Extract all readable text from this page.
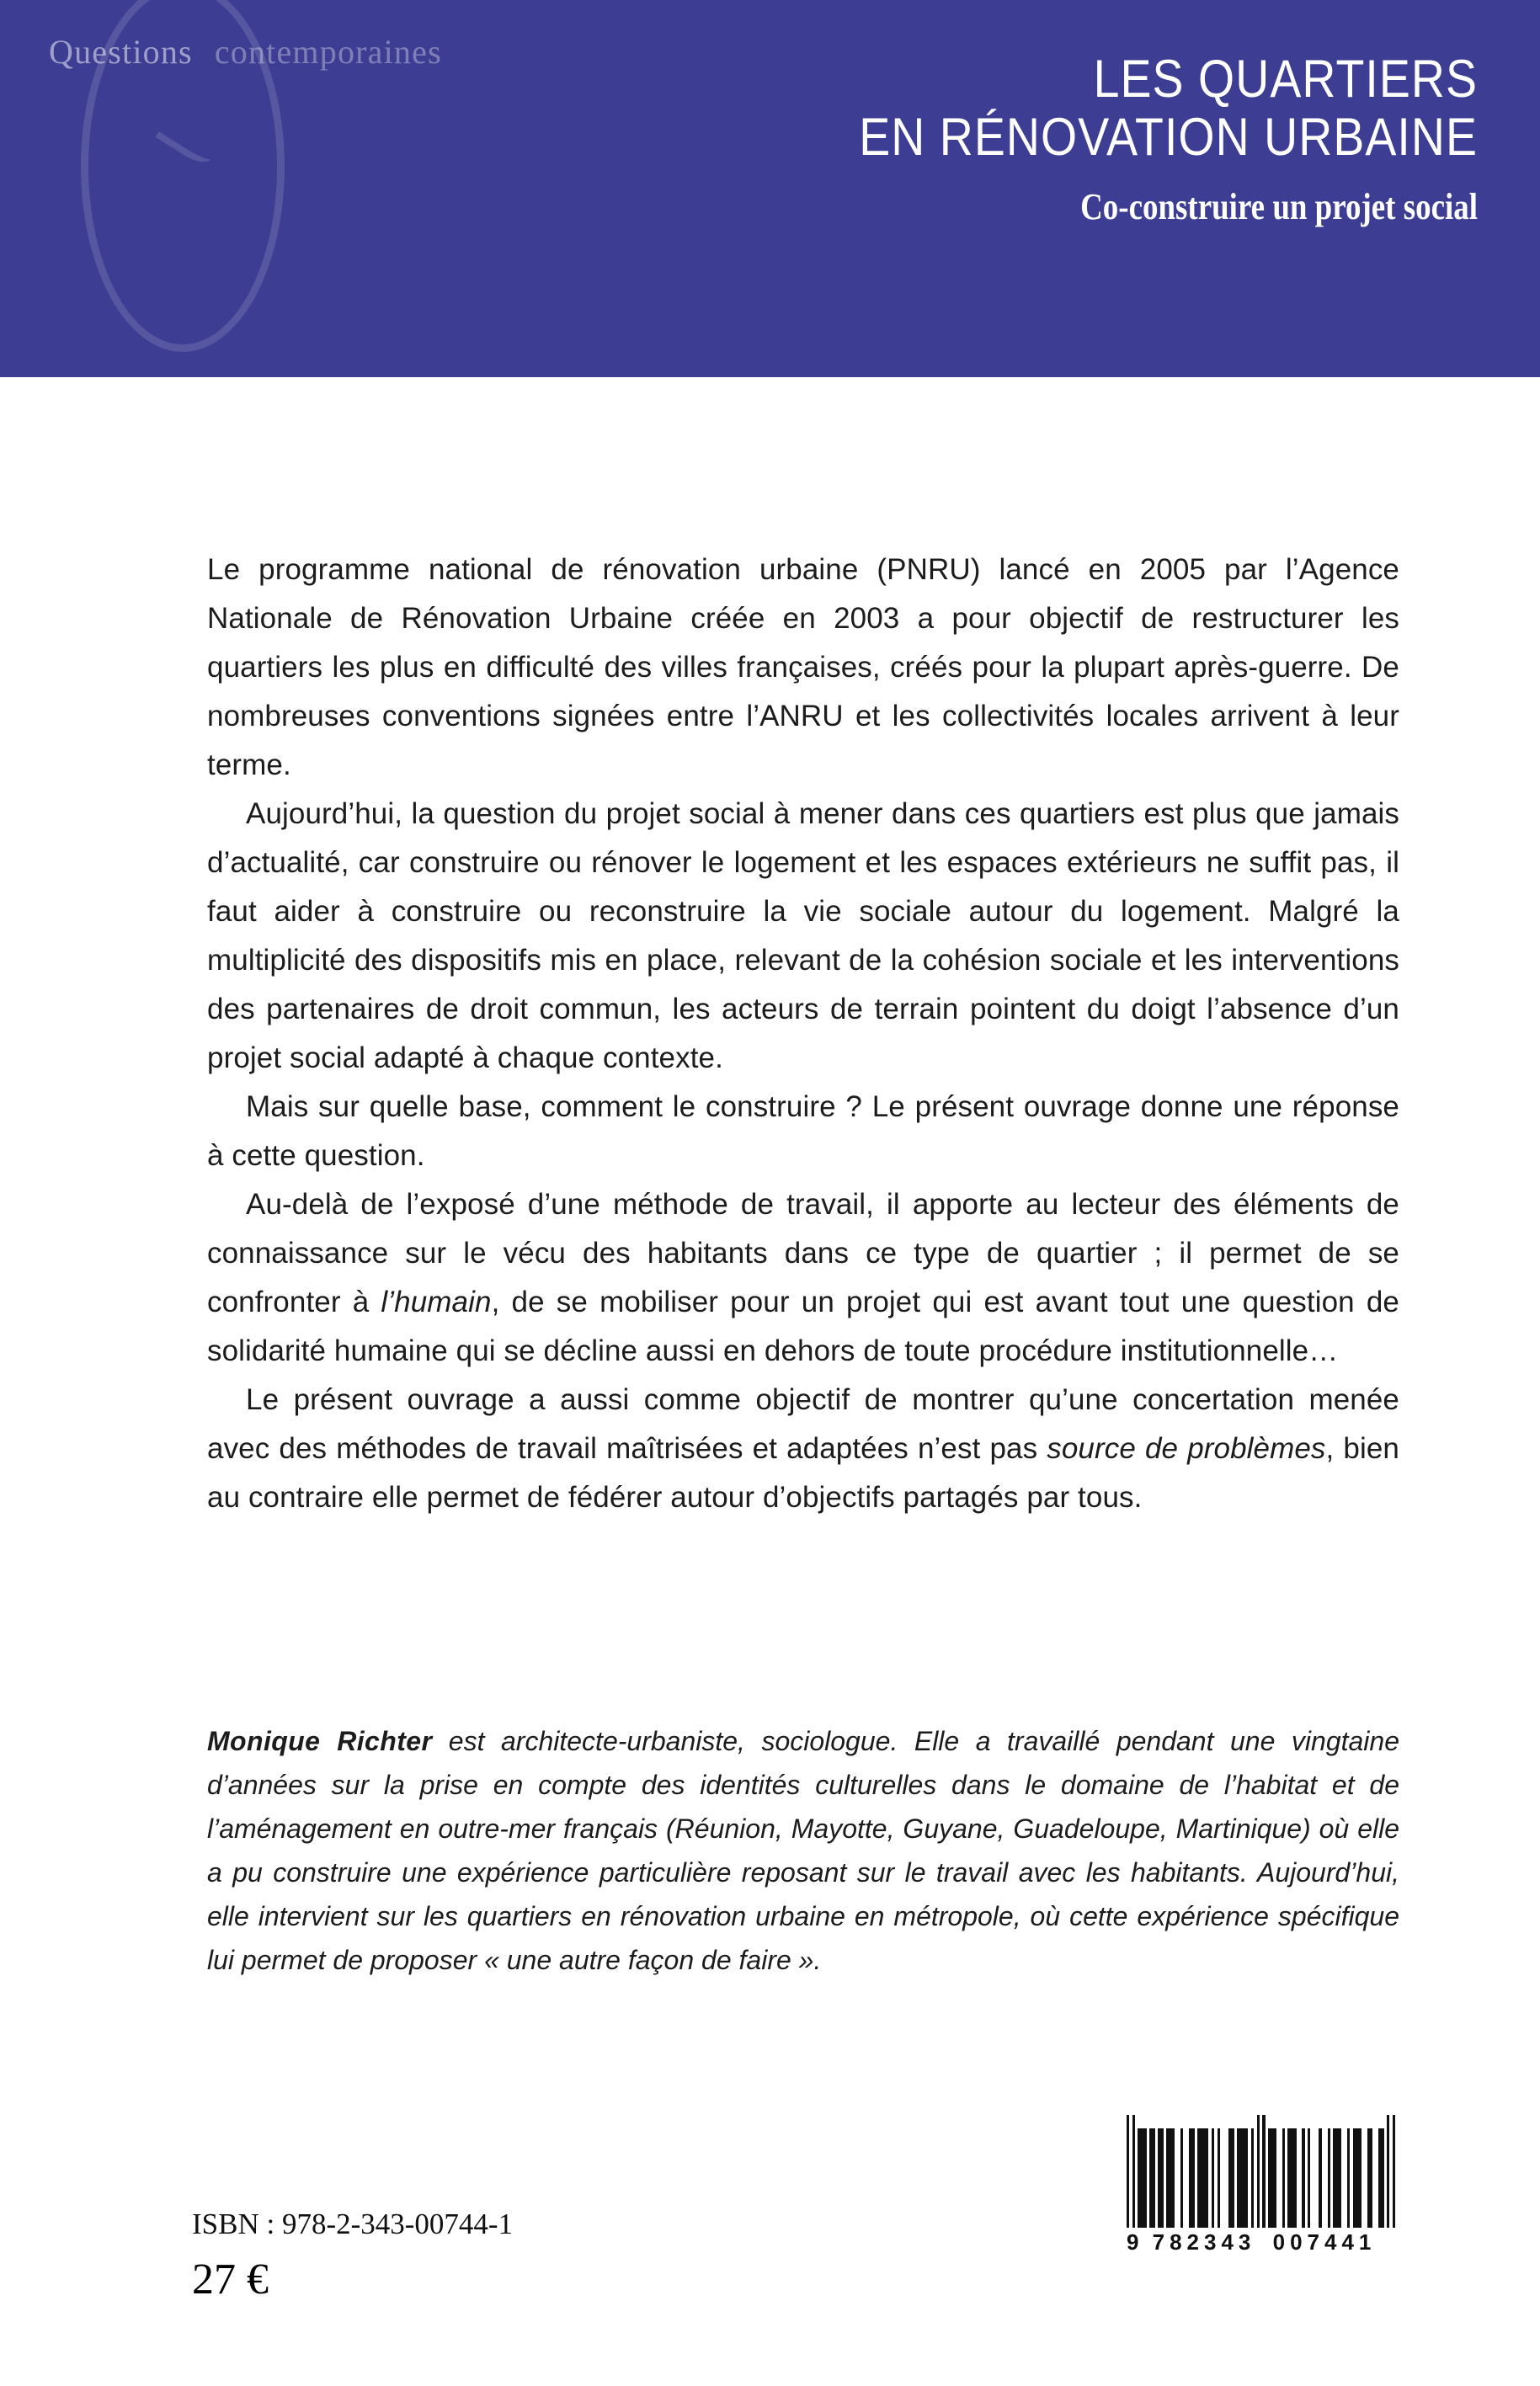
Questions contemporaines	LES QUARTIERS
EN RÉNOVATION URBAINE
Co-construire un projet social

Le programme national de rénovation urbaine (PNRU) lancé en 2005 par l’Agence Nationale de Rénovation Urbaine créée en 2003 a pour objectif de restructurer les quartiers les plus en difficulté des villes françaises, créés pour la plupart après-guerre. De nombreuses conventions signées entre l’ANRU et les collectivités locales arrivent à leur terme.

Aujourd’hui, la question du projet social à mener dans ces quartiers est plus que jamais d’actualité, car construire ou rénover le logement et les espaces extérieurs ne suffit pas, il faut aider à construire ou reconstruire la vie sociale autour du logement. Malgré la multiplicité des dispositifs mis en place, relevant de la cohésion sociale et les interventions des partenaires de droit commun, les acteurs de terrain pointent du doigt l’absence d’un projet social adapté à chaque contexte.

Mais sur quelle base, comment le construire ? Le présent ouvrage donne une réponse à cette question.

Au-delà de l’exposé d’une méthode de travail, il apporte au lecteur des éléments de connaissance sur le vécu des habitants dans ce type de quartier ; il permet de se confronter à l’humain, de se mobiliser pour un projet qui est avant tout une question de solidarité humaine qui se décline aussi en dehors de toute procédure institutionnelle…

Le présent ouvrage a aussi comme objectif de montrer qu’une concertation menée avec des méthodes de travail maîtrisées et adaptées n’est pas source de problèmes, bien au contraire elle permet de fédérer autour d’objectifs partagés par tous.

Monique Richter est architecte-urbaniste, sociologue. Elle a travaillé pendant une vingtaine d’années sur la prise en compte des identités culturelles dans le domaine de l’habitat et de l’aménagement en outre-mer français (Réunion, Mayotte, Guyane, Guadeloupe, Martinique) où elle a pu construire une expérience particulière reposant sur le travail avec les habitants. Aujourd’hui, elle intervient sur les quartiers en rénovation urbaine en métropole, où cette expérience spécifique lui permet de proposer « une autre façon de faire ».
ISBN : 978-2-343-00744-1
27 €
9 782343 007441
